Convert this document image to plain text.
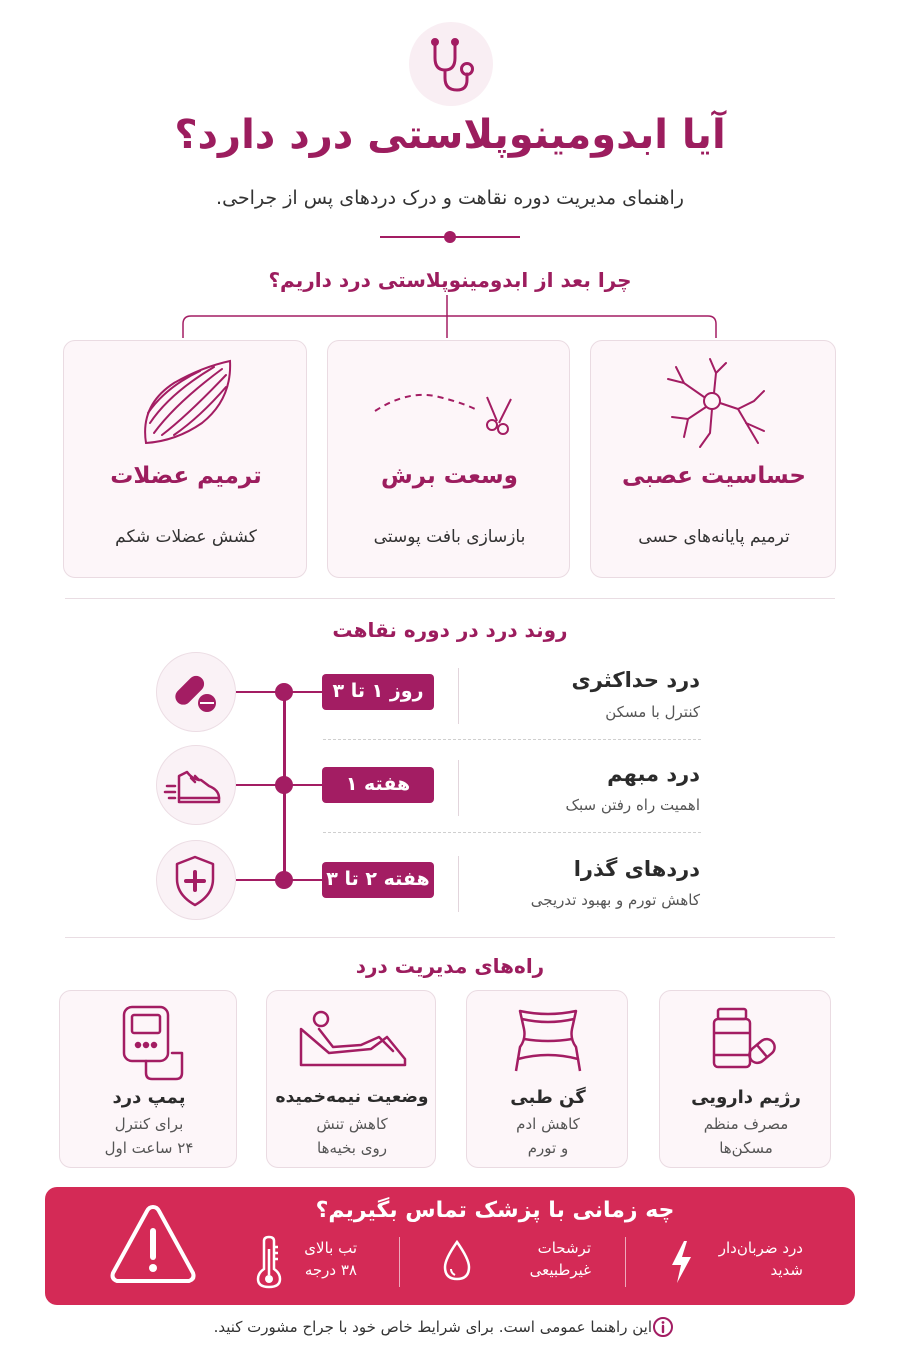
آیا ابدومینوپلاستی درد دارد؟
راهنمای مدیریت دوره نقاهت و درک دردهای پس از جراحی.
چرا بعد از ابدومینوپلاستی درد داریم؟
حساسیت عصبی
ترمیم پایانه‌های حسی
وسعت برش
بازسازی بافت پوستی
ترمیم عضلات
کشش عضلات شکم
روند درد در دوره نقاهت
روز ۱ تا ۳	درد حداکثری
کنترل با مسکن
هفته ۱	درد مبهم
اهمیت راه رفتن سبک
هفته ۲ تا ۳	دردهای گذرا
کاهش تورم و بهبود تدریجی
راه‌های مدیریت درد
رژیم دارویی
مصرف منظم
مسکن‌ها
گن طبی
کاهش ادم
و تورم
وضعیت نیمه‌خمیده
کاهش تنش
روی بخیه‌ها
پمپ درد
برای کنترل
۲۴ ساعت اول
چه زمانی با پزشک تماس بگیریم؟
درد ضربان‌دار
شدید
ترشحات
غیرطبیعی
تب بالای
۳۸ درجه
این راهنما عمومی است. برای شرایط خاص خود با جراح مشورت کنید.
